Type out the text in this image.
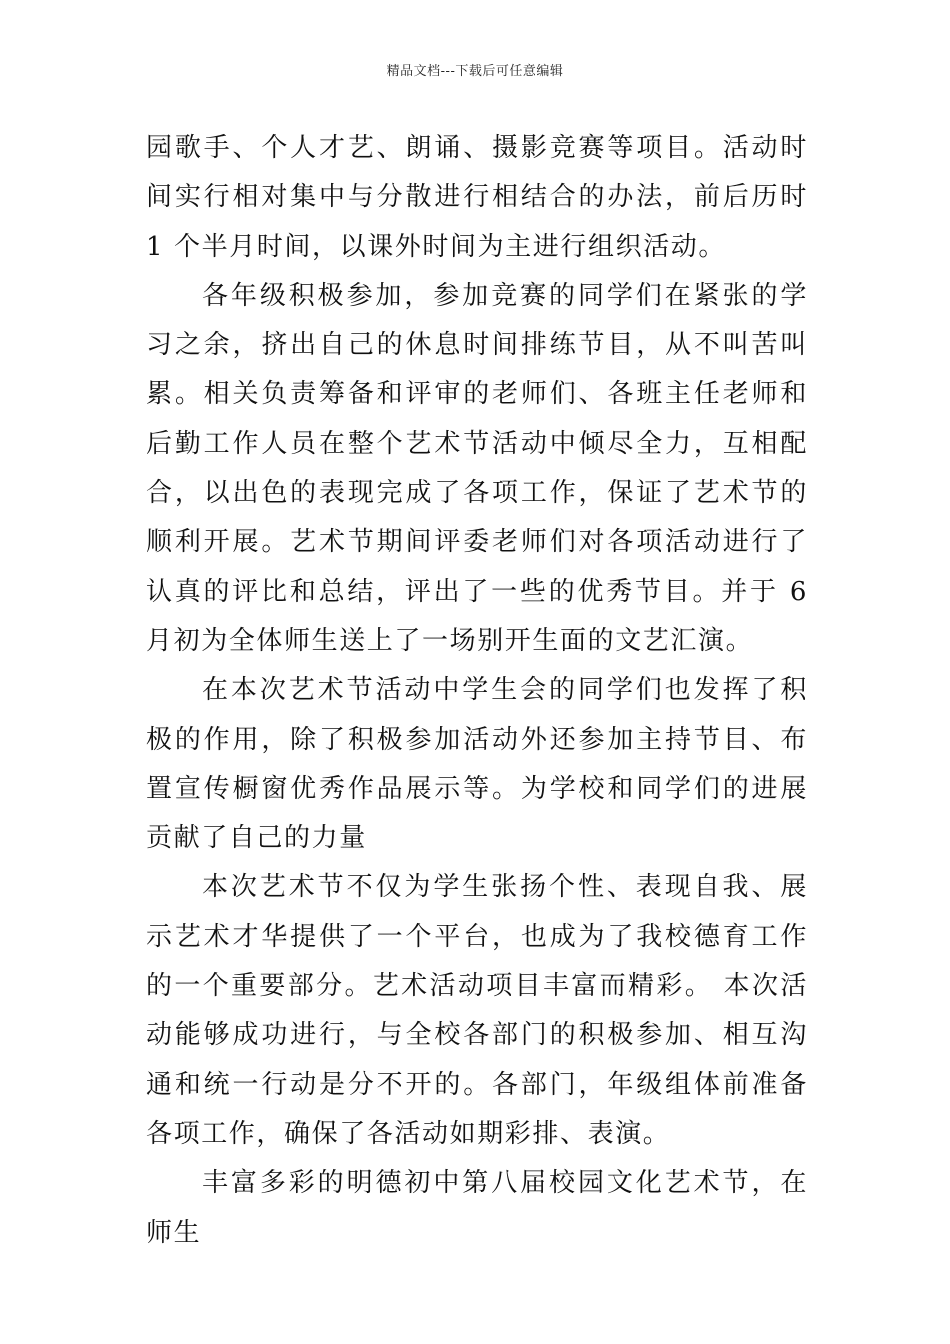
精品文档---下载后可任意编辑

园歌手、个人才艺、朗诵、摄影竞赛等项目。活动时间实行相对集中与分散进行相结合的办法，前后历时 1 个半月时间，以课外时间为主进行组织活动。

各年级积极参加，参加竞赛的同学们在紧张的学习之余，挤出自己的休息时间排练节目，从不叫苦叫累。相关负责筹备和评审的老师们、各班主任老师和后勤工作人员在整个艺术节活动中倾尽全力，互相配合，以出色的表现完成了各项工作，保证了艺术节的顺利开展。艺术节期间评委老师们对各项活动进行了认真的评比和总结，评出了一些的优秀节目。并于 6 月初为全体师生送上了一场别开生面的文艺汇演。

在本次艺术节活动中学生会的同学们也发挥了积极的作用，除了积极参加活动外还参加主持节目、布置宣传橱窗优秀作品展示等。为学校和同学们的进展贡献了自己的力量

本次艺术节不仅为学生张扬个性、表现自我、展示艺术才华提供了一个平台，也成为了我校德育工作的一个重要部分。艺术活动项目丰富而精彩。 本次活动能够成功进行，与全校各部门的积极参加、相互沟通和统一行动是分不开的。各部门，年级组体前准备各项工作，确保了各活动如期彩排、表演。

丰富多彩的明德初中第八届校园文化艺术节，在师生
